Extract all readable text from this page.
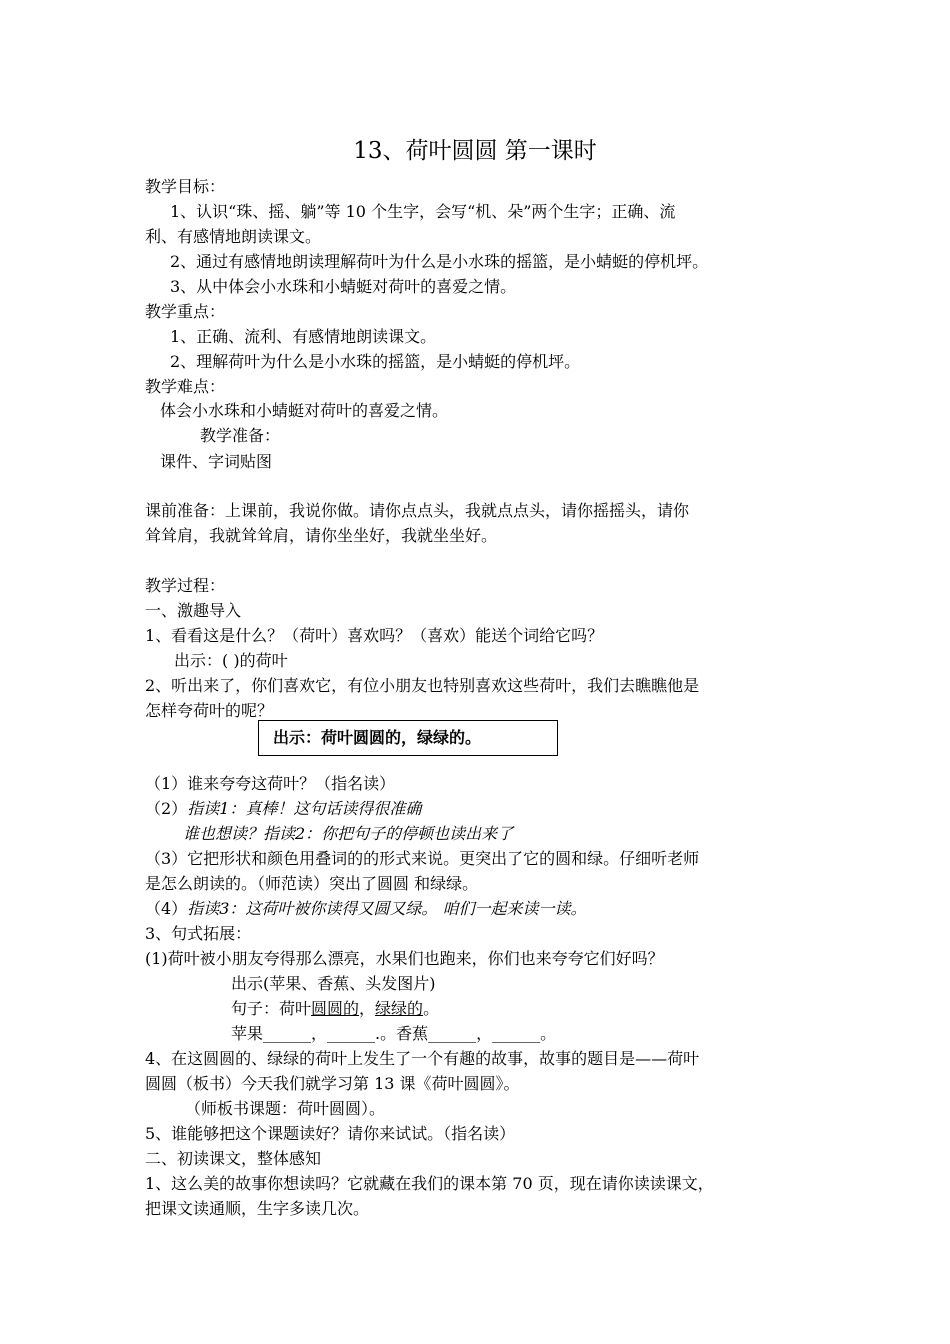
13、荷叶圆圆 第一课时
教学目标：
1、认识“珠、摇、躺”等 10 个生字，会写“机、朵”两个生字；正确、流
利、有感情地朗读课文。
2、通过有感情地朗读理解荷叶为什么是小水珠的摇篮，是小蜻蜓的停机坪。
3、从中体会小水珠和小蜻蜓对荷叶的喜爱之情。
教学重点：
1、正确、流利、有感情地朗读课文。
2、理解荷叶为什么是小水珠的摇篮，是小蜻蜓的停机坪。
教学难点：
体会小水珠和小蜻蜓对荷叶的喜爱之情。
教学准备：
课件、字词贴图
课前准备：上课前，我说你做。请你点点头，我就点点头，请你摇摇头，请你
耸耸肩，我就耸耸肩，请你坐坐好，我就坐坐好。
教学过程：
一、激趣导入
1、看看这是什么？（荷叶）喜欢吗？（喜欢）能送个词给它吗？
出示：( )的荷叶
2、听出来了，你们喜欢它，有位小朋友也特别喜欢这些荷叶，我们去瞧瞧他是
怎样夸荷叶的呢？
出示：荷叶圆圆的，绿绿的。
（1）谁来夸夸这荷叶？（指名读）
（2）指读1：真棒！这句话读得很准确
谁也想读？指读2：你把句子的停顿也读出来了
（3）它把形状和颜色用叠词的的形式来说。更突出了它的圆和绿。仔细听老师
是怎么朗读的。（师范读）突出了圆圆 和绿绿。
（4）指读3：这荷叶被你读得又圆又绿。 咱们一起来读一读。
3、句式拓展：
(1)荷叶被小朋友夸得那么漂亮，水果们也跑来，你们也来夸夸它们好吗？
出示(苹果、香蕉、头发图片)
句子：荷叶圆圆的，绿绿的。
苹果______，______.。香蕉______，______。
4、在这圆圆的、绿绿的荷叶上发生了一个有趣的故事，故事的题目是——荷叶
圆圆（板书）今天我们就学习第 13 课《荷叶圆圆》。
（师板书课题：荷叶圆圆）。
5、谁能够把这个课题读好？请你来试试。（指名读）
二、初读课文，整体感知
1、这么美的故事你想读吗？它就藏在我们的课本第 70 页，现在请你读读课文，
把课文读通顺，生字多读几次。
